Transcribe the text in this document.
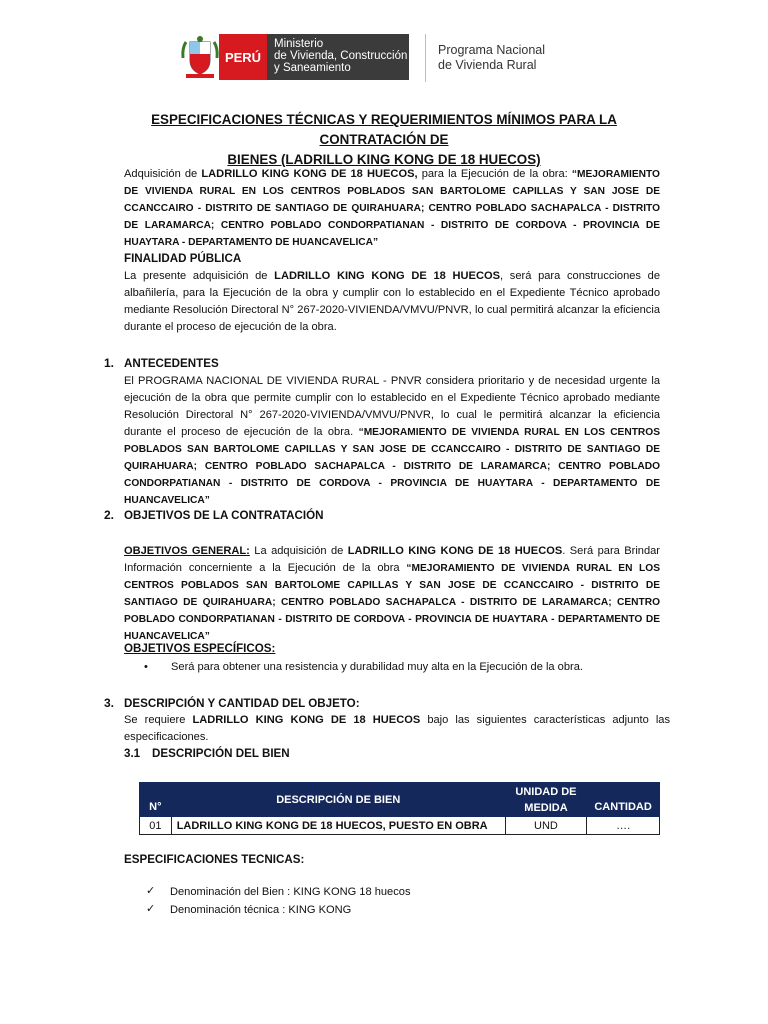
PERÚ
Ministerio
de Vivienda, Construcción
y Saneamiento
Programa Nacional
de Vivienda Rural
ESPECIFICACIONES TÉCNICAS Y REQUERIMIENTOS MÍNIMOS PARA LA CONTRATACIÓN DE
BIENES (LADRILLO KING KONG DE 18 HUECOS)
Adquisición de LADRILLO KING KONG DE 18 HUECOS, para la Ejecución de la obra: “MEJORAMIENTO DE VIVIENDA RURAL EN LOS CENTROS POBLADOS SAN BARTOLOME CAPILLAS Y SAN JOSE DE CCANCCAIRO - DISTRITO DE SANTIAGO DE QUIRAHUARA; CENTRO POBLADO SACHAPALCA - DISTRITO DE LARAMARCA; CENTRO POBLADO CONDORPATIANAN - DISTRITO DE CORDOVA - PROVINCIA DE HUAYTARA - DEPARTAMENTO DE HUANCAVELICA”
FINALIDAD PÚBLICA
La presente adquisición de LADRILLO KING KONG DE 18 HUECOS, será para construcciones de albañilería, para la Ejecución de la obra y cumplir con lo establecido en el Expediente Técnico aprobado mediante Resolución Directoral N° 267-2020-VIVIENDA/VMVU/PNVR, lo cual permitirá alcanzar la eficiencia durante el proceso de ejecución de la obra.
1. ANTECEDENTES
El PROGRAMA NACIONAL DE VIVIENDA RURAL - PNVR considera prioritario y de necesidad urgente la ejecución de la obra que permite cumplir con lo establecido en el Expediente Técnico aprobado mediante Resolución Directoral N° 267-2020-VIVIENDA/VMVU/PNVR, lo cual le permitirá alcanzar la eficiencia durante el proceso de ejecución de la obra. “MEJORAMIENTO DE VIVIENDA RURAL EN LOS CENTROS POBLADOS SAN BARTOLOME CAPILLAS Y SAN JOSE DE CCANCCAIRO - DISTRITO DE SANTIAGO DE QUIRAHUARA; CENTRO POBLADO SACHAPALCA - DISTRITO DE LARAMARCA; CENTRO POBLADO CONDORPATIANAN - DISTRITO DE CORDOVA - PROVINCIA DE HUAYTARA - DEPARTAMENTO DE HUANCAVELICA”
2. OBJETIVOS DE LA CONTRATACIÓN
OBJETIVOS GENERAL: La adquisición de LADRILLO KING KONG DE 18 HUECOS. Será para Brindar Información concerniente a la Ejecución de la obra “MEJORAMIENTO DE VIVIENDA RURAL EN LOS CENTROS POBLADOS SAN BARTOLOME CAPILLAS Y SAN JOSE DE CCANCCAIRO - DISTRITO DE SANTIAGO DE QUIRAHUARA; CENTRO POBLADO SACHAPALCA - DISTRITO DE LARAMARCA; CENTRO POBLADO CONDORPATIANAN - DISTRITO DE CORDOVA - PROVINCIA DE HUAYTARA - DEPARTAMENTO DE HUANCAVELICA”
OBJETIVOS ESPECÍFICOS:
• Será para obtener una resistencia y durabilidad muy alta en la Ejecución de la obra.
3. DESCRIPCIÓN Y CANTIDAD DEL OBJETO:
Se requiere LADRILLO KING KONG DE 18 HUECOS bajo las siguientes características adjunto las especificaciones.
3.1 DESCRIPCIÓN DEL BIEN
N°	DESCRIPCIÓN DE BIEN	UNIDAD DE MEDIDA	CANTIDAD
01	LADRILLO KING KONG DE 18 HUECOS, PUESTO EN OBRA	UND	….
ESPECIFICACIONES TECNICAS:
✓ Denominación del Bien : KING KONG 18 huecos
✓ Denominación técnica : KING KONG
